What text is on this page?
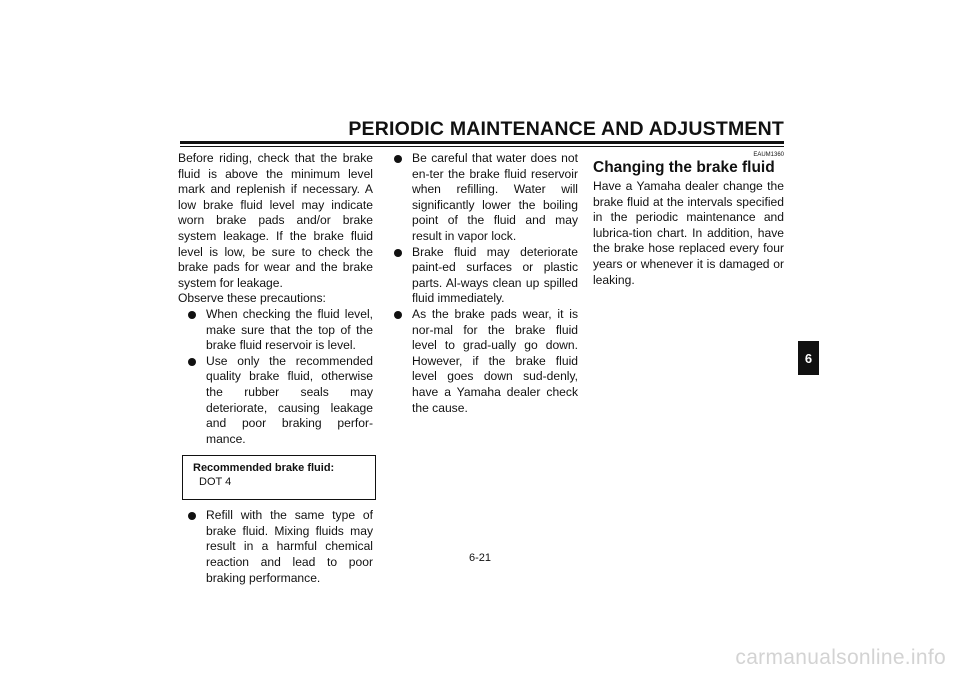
PERIODIC MAINTENANCE AND ADJUSTMENT
Before riding, check that the brake fluid is above the minimum level mark and replenish if necessary. A low brake fluid level may indicate worn brake pads and/or brake system leakage. If the brake fluid level is low, be sure to check the brake pads for wear and the brake system for leakage.
Observe these precautions:
When checking the fluid level, make sure that the top of the brake fluid reservoir is level.
Use only the recommended quality brake fluid, otherwise the rubber seals may deteriorate, causing leakage and poor braking perfor-mance.
Recommended brake fluid:
DOT 4
Refill with the same type of brake fluid. Mixing fluids may result in a harmful chemical reaction and lead to poor braking performance.
Be careful that water does not en-ter the brake fluid reservoir when refilling. Water will significantly lower the boiling point of the fluid and may result in vapor lock.
Brake fluid may deteriorate paint-ed surfaces or plastic parts. Al-ways clean up spilled fluid immediately.
As the brake pads wear, it is nor-mal for the brake fluid level to grad-ually go down. However, if the brake fluid level goes down sud-denly, have a Yamaha dealer check the cause.
EAUM1360
Changing the brake fluid
Have a Yamaha dealer change the brake fluid at the intervals specified in the periodic maintenance and lubrica-tion chart. In addition, have the brake hose replaced every four years or whenever it is damaged or leaking.
6
6-21
carmanualsonline.info
